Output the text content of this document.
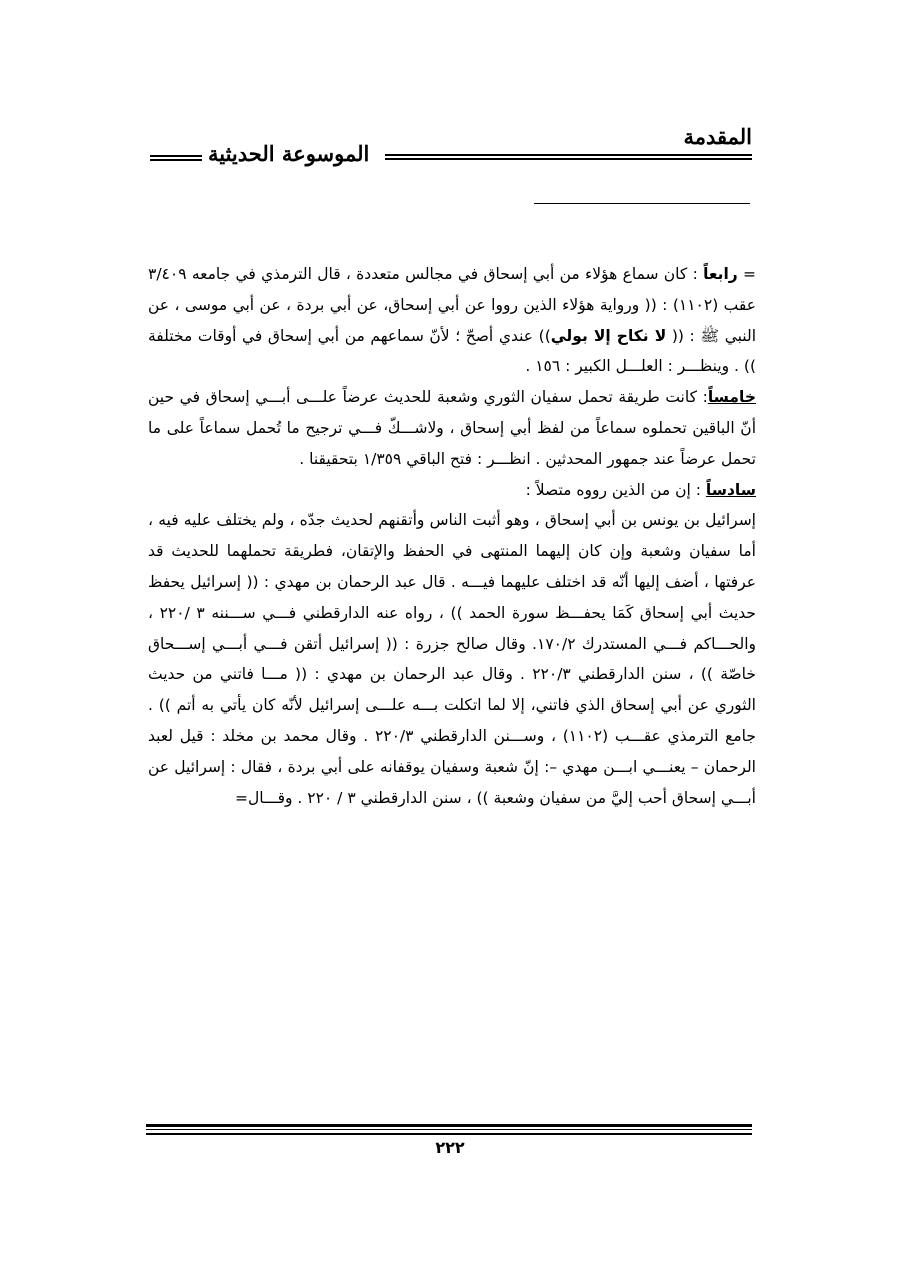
المقدمة
الموسوعة الحديثية

= رابعاً : كان سماع هؤلاء من أبي إسحاق في مجالس متعددة ، قال الترمذي في جامعه ٣/٤٠٩ عقب (١١٠٢) : (( ورواية هؤلاء الذين رووا عن أبي إسحاق، عن أبي بردة ، عن أبي موسى ، عن النبي ﷺ : (( لا نكاح إلا بولي)) عندي أصحّ ؛ لأنّ سماعهم من أبي إسحاق في أوقات مختلفة )) . وينظـــر : العلـــل الكبير : ١٥٦ .

خامساً: كانت طريقة تحمل سفيان الثوري وشعبة للحديث عرضاً علـــى أبـــي إسحاق في حين أنّ الباقين تحملوه سماعاً من لفظ أبي إسحاق ، ولاشـــكّ فـــي ترجيح ما تُحمل سماعاً على ما تحمل عرضاً عند جمهور المحدثين . انظـــر : فتح الباقي ١/٣٥٩ بتحقيقنا .

سادساً : إن من الذين رووه متصلاً :

إسرائيل بن يونس بن أبي إسحاق ، وهو أثبت الناس وأتقنهم لحديث جدّه ، ولم يختلف عليه فيه ، أما سفيان وشعبة وإن كان إليهما المنتهى في الحفظ والإتقان، فطريقة تحملهما للحديث قد عرفتها ، أضف إليها أنّه قد اختلف عليهما فيـــه . قال عبد الرحمان بن مهدي : (( إسرائيل يحفظ حديث أبي إسحاق كَمَا يحفـــظ سورة الحمد )) ، رواه عنه الدارقطني فـــي ســـننه ٣ /٢٢٠ ، والحـــاكم فـــي المستدرك ١٧٠/٢. وقال صالح جزرة : (( إسرائيل أتقن فـــي أبـــي إســـحاق خاصّة )) ، سنن الدارقطني ٢٢٠/٣ . وقال عبد الرحمان بن مهدي : (( مـــا فاتني من حديث الثوري عن أبي إسحاق الذي فاتني، إلا لما اتكلت بـــه علـــى إسرائيل لأنّه كان يأتي به أتم )) . جامع الترمذي عقـــب (١١٠٢) ، وســـنن الدارقطني ٢٢٠/٣ . وقال محمد بن مخلد : قيل لعبد الرحمان – يعنـــي ابـــن مهدي –: إنّ شعبة وسفيان يوقفانه على أبي بردة ، فقال : إسرائيل عن أبـــي إسحاق أحب إليَّ من سفيان وشعبة )) ، سنن الدارقطني ٣ / ٢٢٠ . وقـــال=

٢٢٢
